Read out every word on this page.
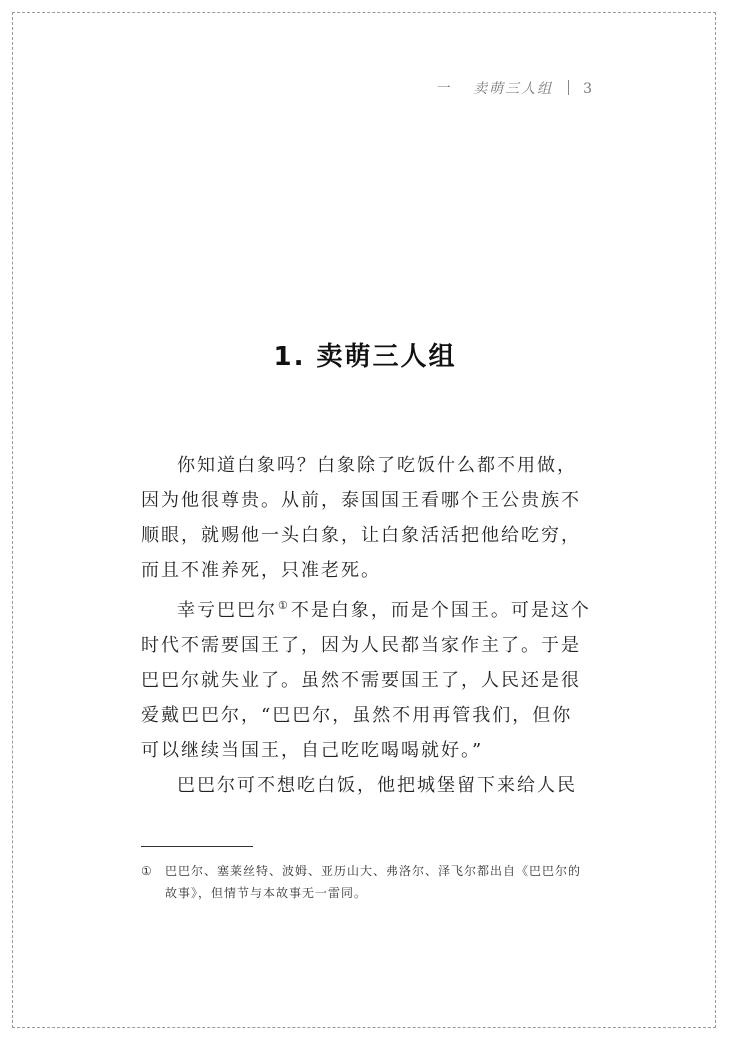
一 卖萌三人组 3
1. 卖萌三人组

你知道白象吗？白象除了吃饭什么都不用做，因为他很尊贵。从前，泰国国王看哪个王公贵族不顺眼，就赐他一头白象，让白象活活把他给吃穷，而且不准养死，只准老死。

幸亏巴巴尔①不是白象，而是个国王。可是这个时代不需要国王了，因为人民都当家作主了。于是巴巴尔就失业了。虽然不需要国王了，人民还是很爱戴巴巴尔，“巴巴尔，虽然不用再管我们，但你可以继续当国王，自己吃吃喝喝就好。”

巴巴尔可不想吃白饭，他把城堡留下来给人民

① 巴巴尔、塞莱丝特、波姆、亚历山大、弗洛尔、泽飞尔都出自《巴巴尔的故事》，但情节与本故事无一雷同。
